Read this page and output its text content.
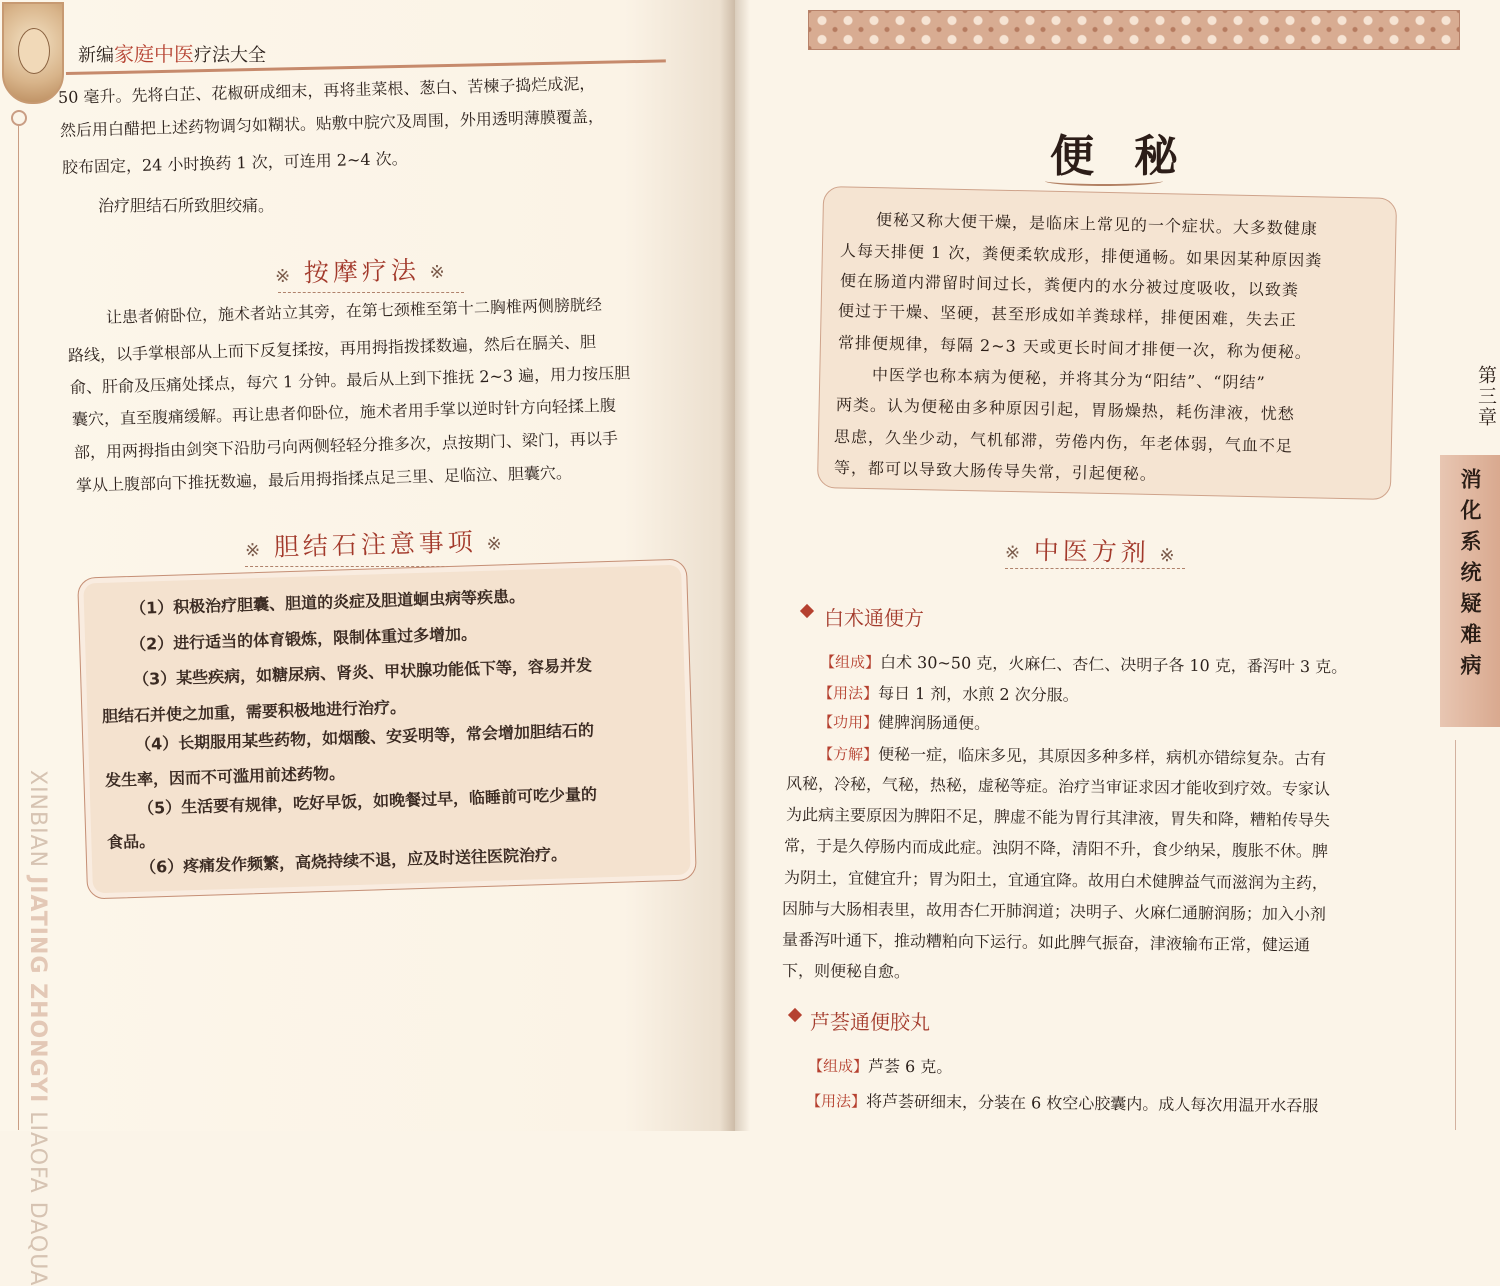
新编家庭中医疗法大全
XINBIAN JIATING ZHONGYI LIAOFA DAQUA
50 毫升。先将白芷、花椒研成细末，再将韭菜根、葱白、苦楝子捣烂成泥，
然后用白醋把上述药物调匀如糊状。贴敷中脘穴及周围，外用透明薄膜覆盖，
胶布固定，24 小时换药 1 次，可连用 2~4 次。
治疗胆结石所致胆绞痛。
※ 按摩疗法 ※
让患者俯卧位，施术者站立其旁，在第七颈椎至第十二胸椎两侧膀胱经
路线，以手掌根部从上而下反复揉按，再用拇指拨揉数遍，然后在膈关、胆
俞、肝俞及压痛处揉点，每穴 1 分钟。最后从上到下推抚 2~3 遍，用力按压胆
囊穴，直至腹痛缓解。再让患者仰卧位，施术者用手掌以逆时针方向轻揉上腹
部，用两拇指由剑突下沿肋弓向两侧轻轻分推多次，点按期门、梁门，再以手
掌从上腹部向下推抚数遍，最后用拇指揉点足三里、足临泣、胆囊穴。
※ 胆结石注意事项 ※
（1）积极治疗胆囊、胆道的炎症及胆道蛔虫病等疾患。
（2）进行适当的体育锻炼，限制体重过多增加。
（3）某些疾病，如糖尿病、肾炎、甲状腺功能低下等，容易并发
胆结石并使之加重，需要积极地进行治疗。
（4）长期服用某些药物，如烟酸、安妥明等，常会增加胆结石的
发生率，因而不可滥用前述药物。
（5）生活要有规律，吃好早饭，如晚餐过早，临睡前可吃少量的
食品。
（6）疼痛发作频繁，高烧持续不退，应及时送往医院治疗。
便秘
便秘又称大便干燥，是临床上常见的一个症状。大多数健康
人每天排便 1 次，粪便柔软成形，排便通畅。如果因某种原因粪
便在肠道内滞留时间过长，粪便内的水分被过度吸收，以致粪
便过于干燥、坚硬，甚至形成如羊粪球样，排便困难，失去正
常排便规律，每隔 2~3 天或更长时间才排便一次，称为便秘。
中医学也称本病为便秘，并将其分为“阳结”、“阴结”
两类。认为便秘由多种原因引起，胃肠燥热，耗伤津液，忧愁
思虑，久坐少动，气机郁滞，劳倦内伤，年老体弱，气血不足
等，都可以导致大肠传导失常，引起便秘。
※ 中医方剂 ※
白术通便方
【组成】白术 30~50 克，火麻仁、杏仁、决明子各 10 克，番泻叶 3 克。
【用法】每日 1 剂，水煎 2 次分服。
【功用】健脾润肠通便。
【方解】便秘一症，临床多见，其原因多种多样，病机亦错综复杂。古有
风秘，冷秘，气秘，热秘，虚秘等症。治疗当审证求因才能收到疗效。专家认
为此病主要原因为脾阳不足，脾虚不能为胃行其津液，胃失和降，糟粕传导失
常，于是久停肠内而成此症。浊阴不降，清阳不升，食少纳呆，腹胀不休。脾
为阴土，宜健宜升；胃为阳土，宜通宜降。故用白术健脾益气而滋润为主药，
因肺与大肠相表里，故用杏仁开肺润道；决明子、火麻仁通腑润肠；加入小剂
量番泻叶通下，推动糟粕向下运行。如此脾气振奋，津液输布正常，健运通
下，则便秘自愈。
芦荟通便胶丸
【组成】芦荟 6 克。
【用法】将芦荟研细末，分装在 6 枚空心胶囊内。成人每次用温开水吞服
第三章
消化系统疑难病
